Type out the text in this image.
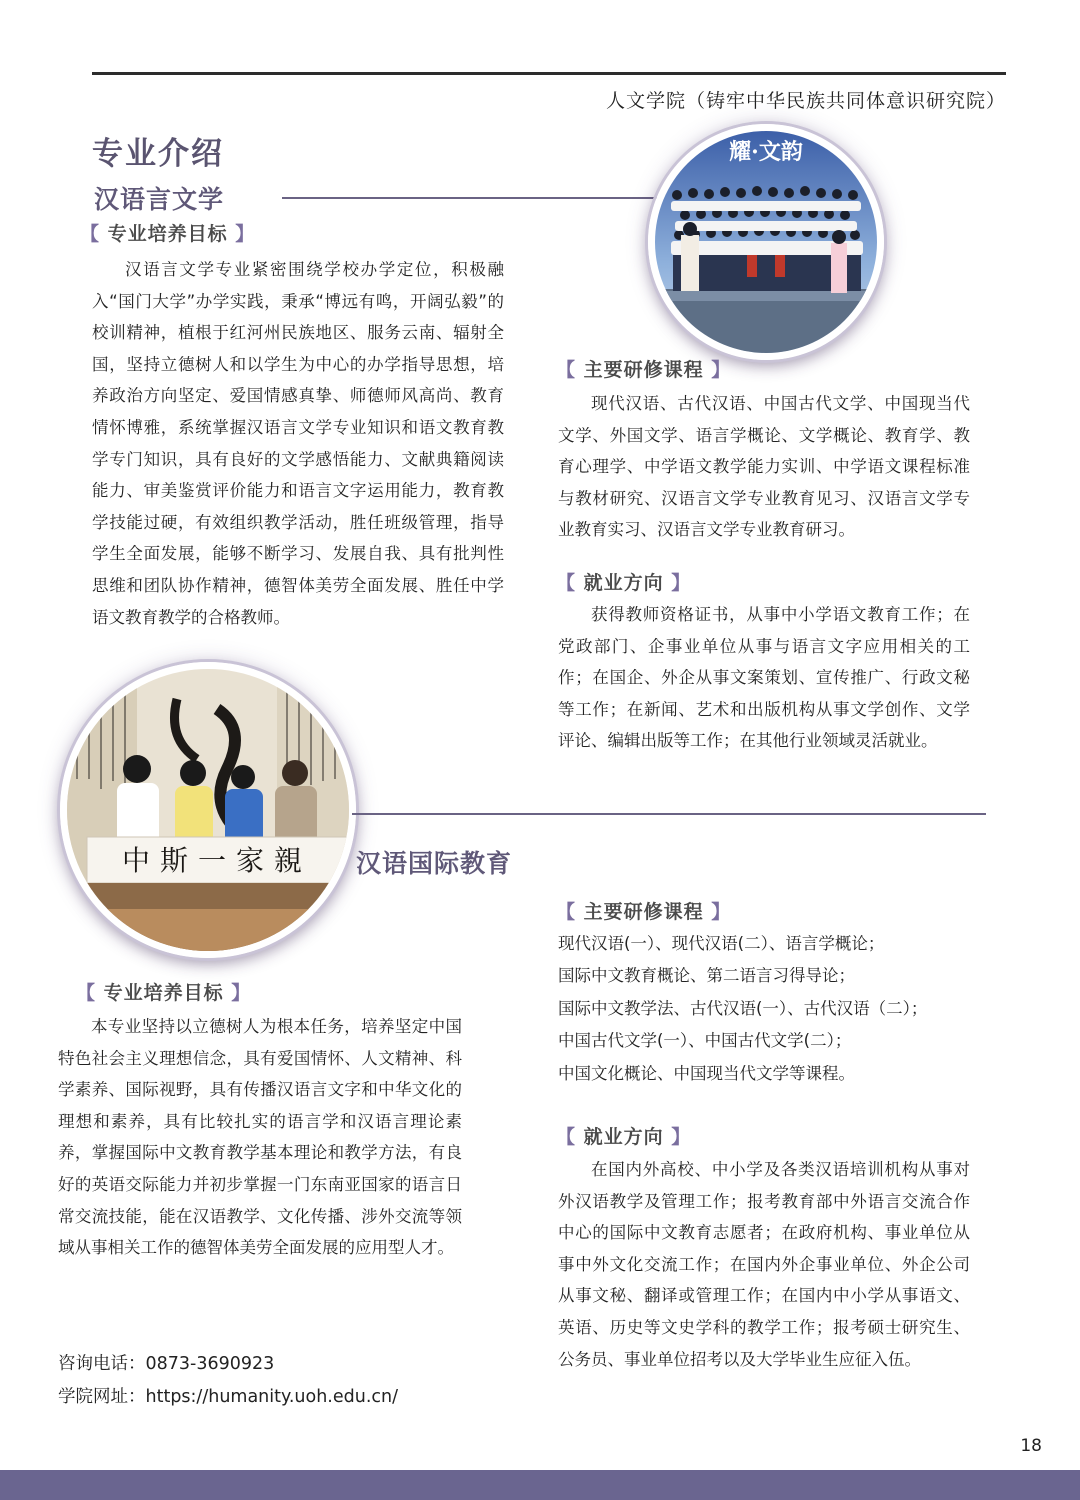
人文学院（铸牢中华民族共同体意识研究院）
专业介绍
汉语言文学
【 专业培养目标 】

汉语言文学专业紧密围绕学校办学定位，积极融入“国门大学”办学实践，秉承“博远有鸣，开阔弘毅”的校训精神，植根于红河州民族地区、服务云南、辐射全国，坚持立德树人和以学生为中心的办学指导思想，培养政治方向坚定、爱国情感真挚、师德师风高尚、教育情怀博雅，系统掌握汉语言文学专业知识和语文教育教学专门知识，具有良好的文学感悟能力、文献典籍阅读能力、审美鉴赏评价能力和语言文字运用能力，教育教学技能过硬，有效组织教学活动，胜任班级管理，指导学生全面发展，能够不断学习、发展自我、具有批判性思维和团队协作精神，德智体美劳全面发展、胜任中学语文教育教学的合格教师。

耀·文韵
【 主要研修课程 】

现代汉语、古代汉语、中国古代文学、中国现当代文学、外国文学、语言学概论、文学概论、教育学、教育心理学、中学语文教学能力实训、中学语文课程标准与教材研究、汉语言文学专业教育见习、汉语言文学专业教育实习、汉语言文学专业教育研习。

【 就业方向 】

获得教师资格证书，从事中小学语文教育工作；在党政部门、企事业单位从事与语言文字应用相关的工作；在国企、外企从事文案策划、宣传推广、行政文秘等工作；在新闻、艺术和出版机构从事文学创作、文学评论、编辑出版等工作；在其他行业领域灵活就业。

中斯一家親 汉语国际教育
【 主要研修课程 】

现代汉语(一）、现代汉语(二）、语言学概论；

国际中文教育概论、第二语言习得导论；

国际中文教学法、古代汉语(一）、古代汉语（二）；

中国古代文学(一）、中国古代文学(二）；

中国文化概论、中国现当代文学等课程。

【 就业方向 】

在国内外高校、中小学及各类汉语培训机构从事对外汉语教学及管理工作；报考教育部中外语言交流合作中心的国际中文教育志愿者；在政府机构、事业单位从事中外文化交流工作；在国内外企事业单位、外企公司从事文秘、翻译或管理工作；在国内中小学从事语文、英语、历史等文史学科的教学工作；报考硕士研究生、公务员、事业单位招考以及大学毕业生应征入伍。

【 专业培养目标 】

本专业坚持以立德树人为根本任务，培养坚定中国特色社会主义理想信念，具有爱国情怀、人文精神、科学素养、国际视野，具有传播汉语言文字和中华文化的理想和素养，具有比较扎实的语言学和汉语言理论素养，掌握国际中文教育教学基本理论和教学方法，有良好的英语交际能力并初步掌握一门东南亚国家的语言日常交流技能，能在汉语教学、文化传播、涉外交流等领域从事相关工作的德智体美劳全面发展的应用型人才。

咨询电话：0873-3690923
学院网址：https://humanity.uoh.edu.cn/
18
